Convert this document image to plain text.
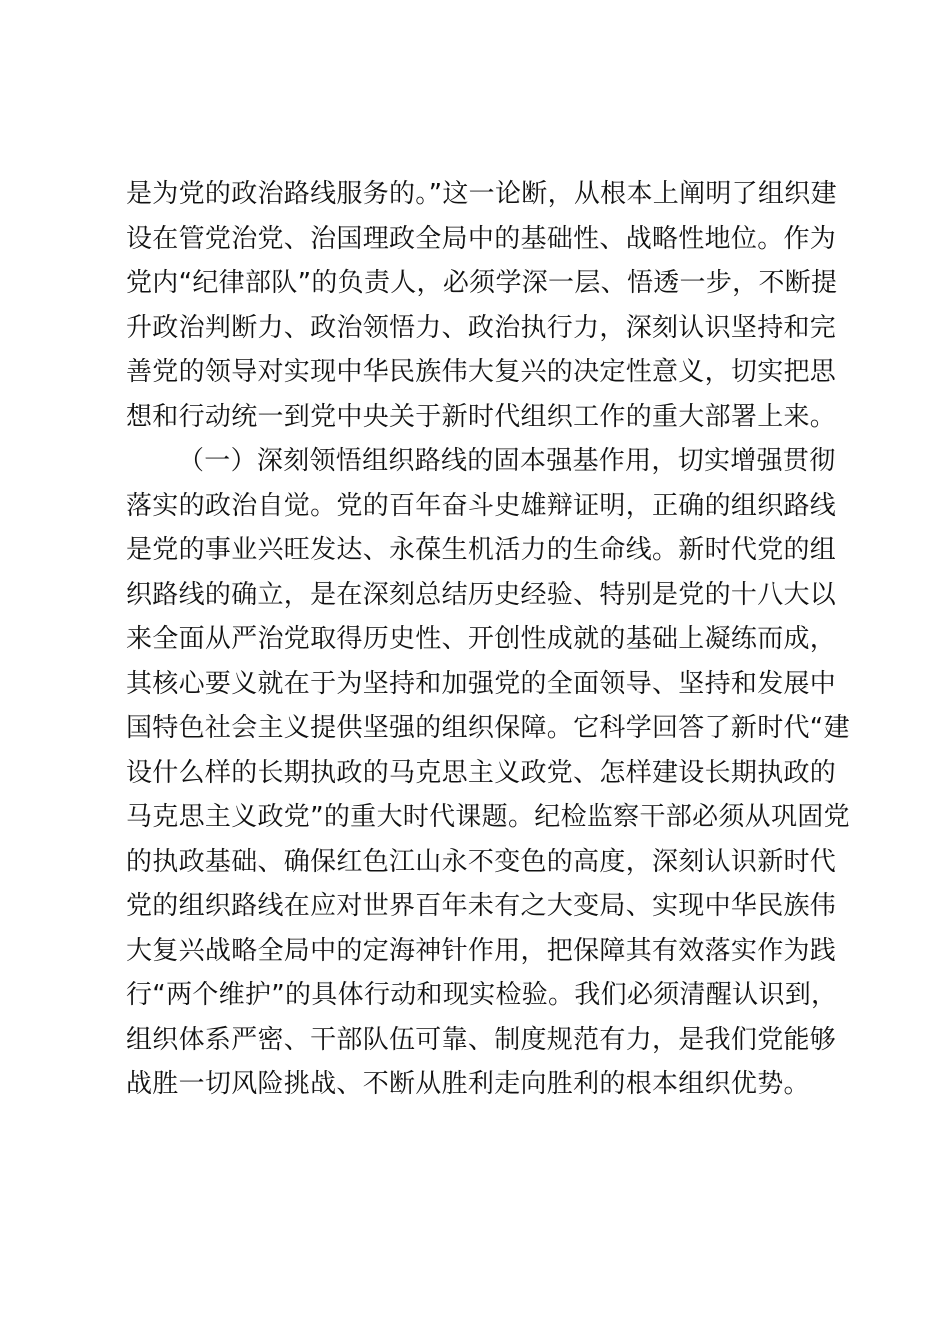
是为党的政治路线服务的。”这一论断，从根本上阐明了组织建
设在管党治党、治国理政全局中的基础性、战略性地位。作为
党内“纪律部队”的负责人，必须学深一层、悟透一步，不断提
升政治判断力、政治领悟力、政治执行力，深刻认识坚持和完
善党的领导对实现中华民族伟大复兴的决定性意义，切实把思
想和行动统一到党中央关于新时代组织工作的重大部署上来。
（一）深刻领悟组织路线的固本强基作用，切实增强贯彻
落实的政治自觉。党的百年奋斗史雄辩证明，正确的组织路线
是党的事业兴旺发达、永葆生机活力的生命线。新时代党的组
织路线的确立，是在深刻总结历史经验、特别是党的十八大以
来全面从严治党取得历史性、开创性成就的基础上凝练而成，
其核心要义就在于为坚持和加强党的全面领导、坚持和发展中
国特色社会主义提供坚强的组织保障。它科学回答了新时代“建
设什么样的长期执政的马克思主义政党、怎样建设长期执政的
马克思主义政党”的重大时代课题。纪检监察干部必须从巩固党
的执政基础、确保红色江山永不变色的高度，深刻认识新时代
党的组织路线在应对世界百年未有之大变局、实现中华民族伟
大复兴战略全局中的定海神针作用，把保障其有效落实作为践
行“两个维护”的具体行动和现实检验。我们必须清醒认识到，
组织体系严密、干部队伍可靠、制度规范有力，是我们党能够
战胜一切风险挑战、不断从胜利走向胜利的根本组织优势。
